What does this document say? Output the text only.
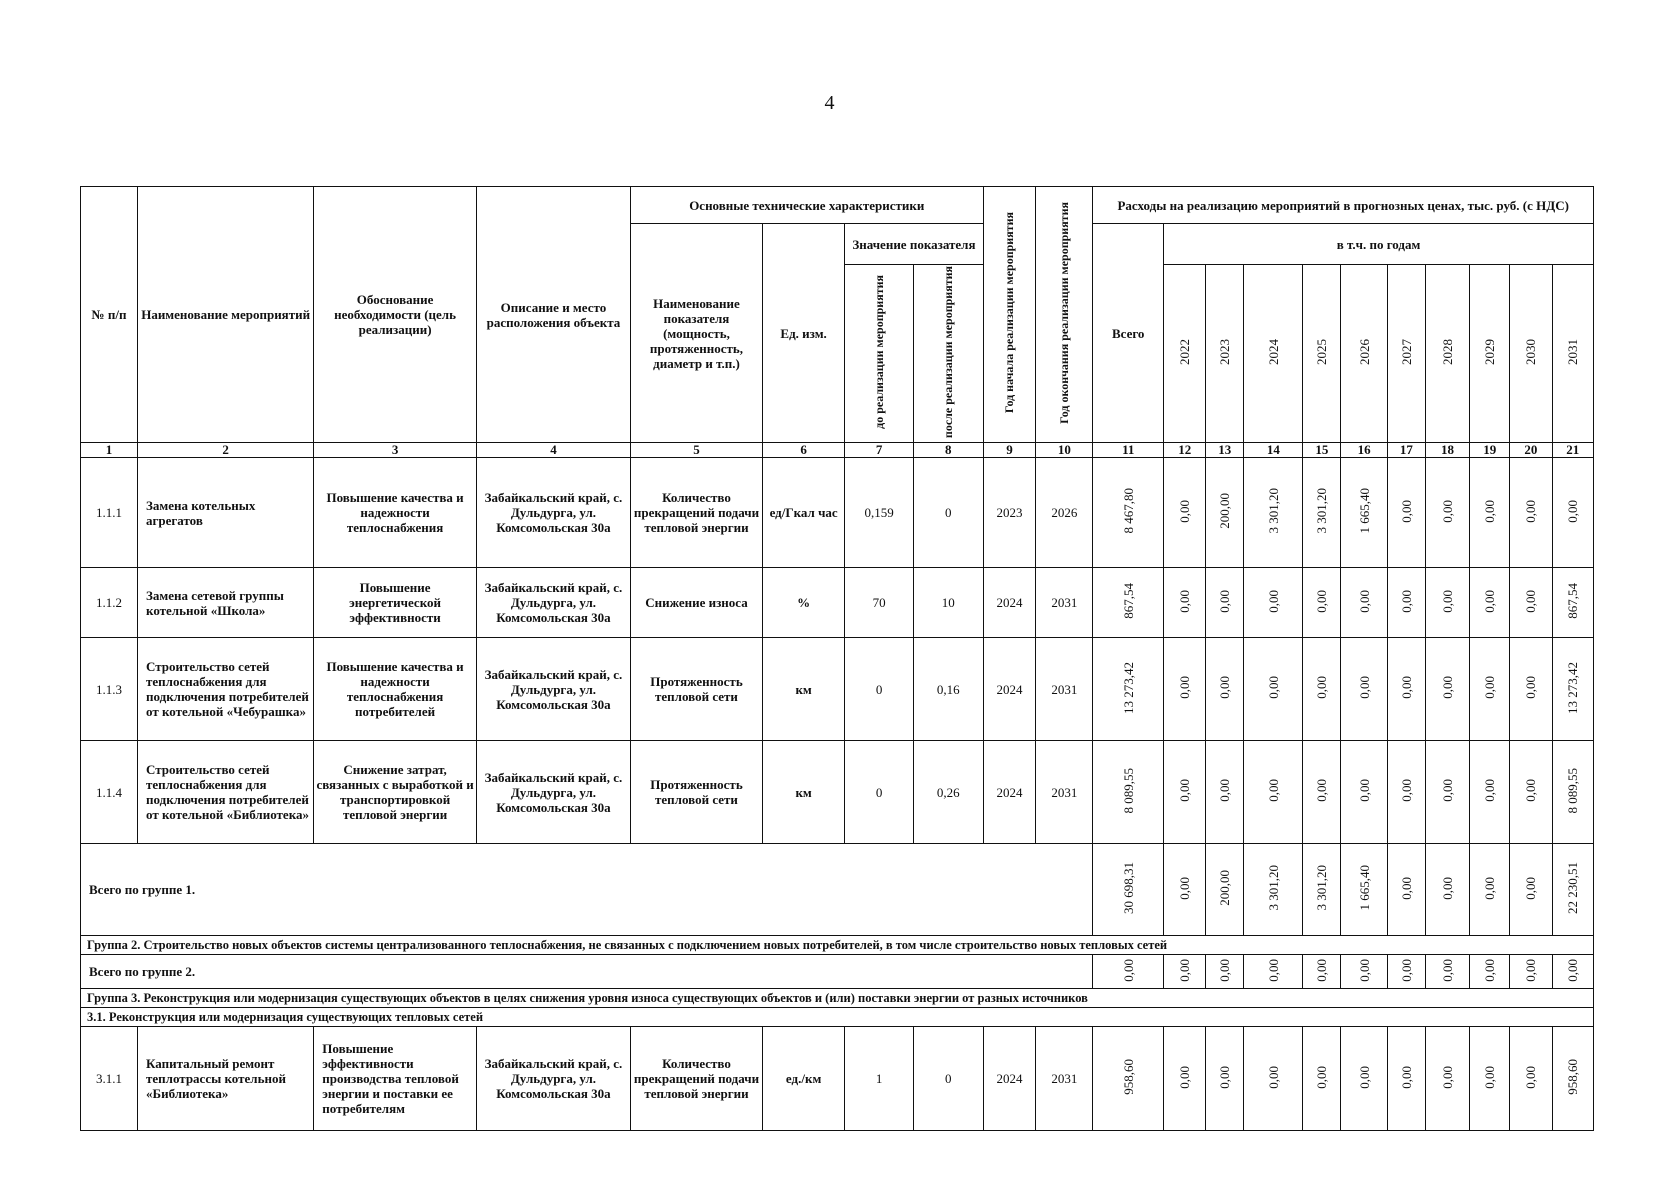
4
№ п/п	Наименование мероприятий	Обоснование необходимости (цель реализации)	Описание и место расположения объекта	Основные технические характеристики				Год начала реализации мероприятия	Год окончания реализации мероприятия	Расходы на реализацию мероприятий в прогнозных ценах, тыс. руб. (с НДС)										
				Наименование показателя (мощность, протяженность, диаметр и т.п.)	Ед. изм.	Значение показателя				Всего	в т.ч. по годам									
						до реализации мероприятия	после реализации мероприятия				2022	2023	2024	2025	2026	2027	2028	2029	2030	2031
1	2	3	4	5	6	7	8	9	10	11	12	13	14	15	16	17	18	19	20	21
1.1.1	Замена котельных агрегатов	Повышение качества и надежности теплоснабжения	Забайкальский край, с. Дульдурга, ул. Комсомольская 30а	Количество прекращений подачи тепловой энергии	ед/Гкал час	0,159	0	2023	2026	8 467,80	0,00	200,00	3 301,20	3 301,20	1 665,40	0,00	0,00	0,00	0,00	0,00
1.1.2	Замена сетевой группы котельной «Школа»	Повышение энергетической эффективности	Забайкальский край, с. Дульдурга, ул. Комсомольская 30а	Снижение износа	%	70	10	2024	2031	867,54	0,00	0,00	0,00	0,00	0,00	0,00	0,00	0,00	0,00	867,54
1.1.3	Строительство сетей теплоснабжения для подключения потребителей от котельной «Чебурашка»	Повышение качества и надежности теплоснабжения потребителей	Забайкальский край, с. Дульдурга, ул. Комсомольская 30а	Протяженность тепловой сети	км	0	0,16	2024	2031	13 273,42	0,00	0,00	0,00	0,00	0,00	0,00	0,00	0,00	0,00	13 273,42
1.1.4	Строительство сетей теплоснабжения для подключения потребителей от котельной «Библиотека»	Снижение затрат, связанных с выработкой и транспортировкой тепловой энергии	Забайкальский край, с. Дульдурга, ул. Комсомольская 30а	Протяженность тепловой сети	км	0	0,26	2024	2031	8 089,55	0,00	0,00	0,00	0,00	0,00	0,00	0,00	0,00	0,00	8 089,55
Всего по группе 1.										30 698,31	0,00	200,00	3 301,20	3 301,20	1 665,40	0,00	0,00	0,00	0,00	22 230,51
Группа 2. Строительство новых объектов системы централизованного теплоснабжения, не связанных с подключением новых потребителей, в том числе строительство новых тепловых сетей																				
Всего по группе 2.										0,00	0,00	0,00	0,00	0,00	0,00	0,00	0,00	0,00	0,00	0,00
Группа 3. Реконструкция или модернизация существующих объектов в целях снижения уровня износа существующих объектов и (или) поставки энергии от разных источников																				
3.1. Реконструкция или модернизация существующих тепловых сетей																				
3.1.1	Капитальный ремонт теплотрассы котельной «Библиотека»	Повышение эффективности производства тепловой энергии и поставки ее потребителям	Забайкальский край, с. Дульдурга, ул. Комсомольская 30а	Количество прекращений подачи тепловой энергии	ед./км	1	0	2024	2031	958,60	0,00	0,00	0,00	0,00	0,00	0,00	0,00	0,00	0,00	958,60
